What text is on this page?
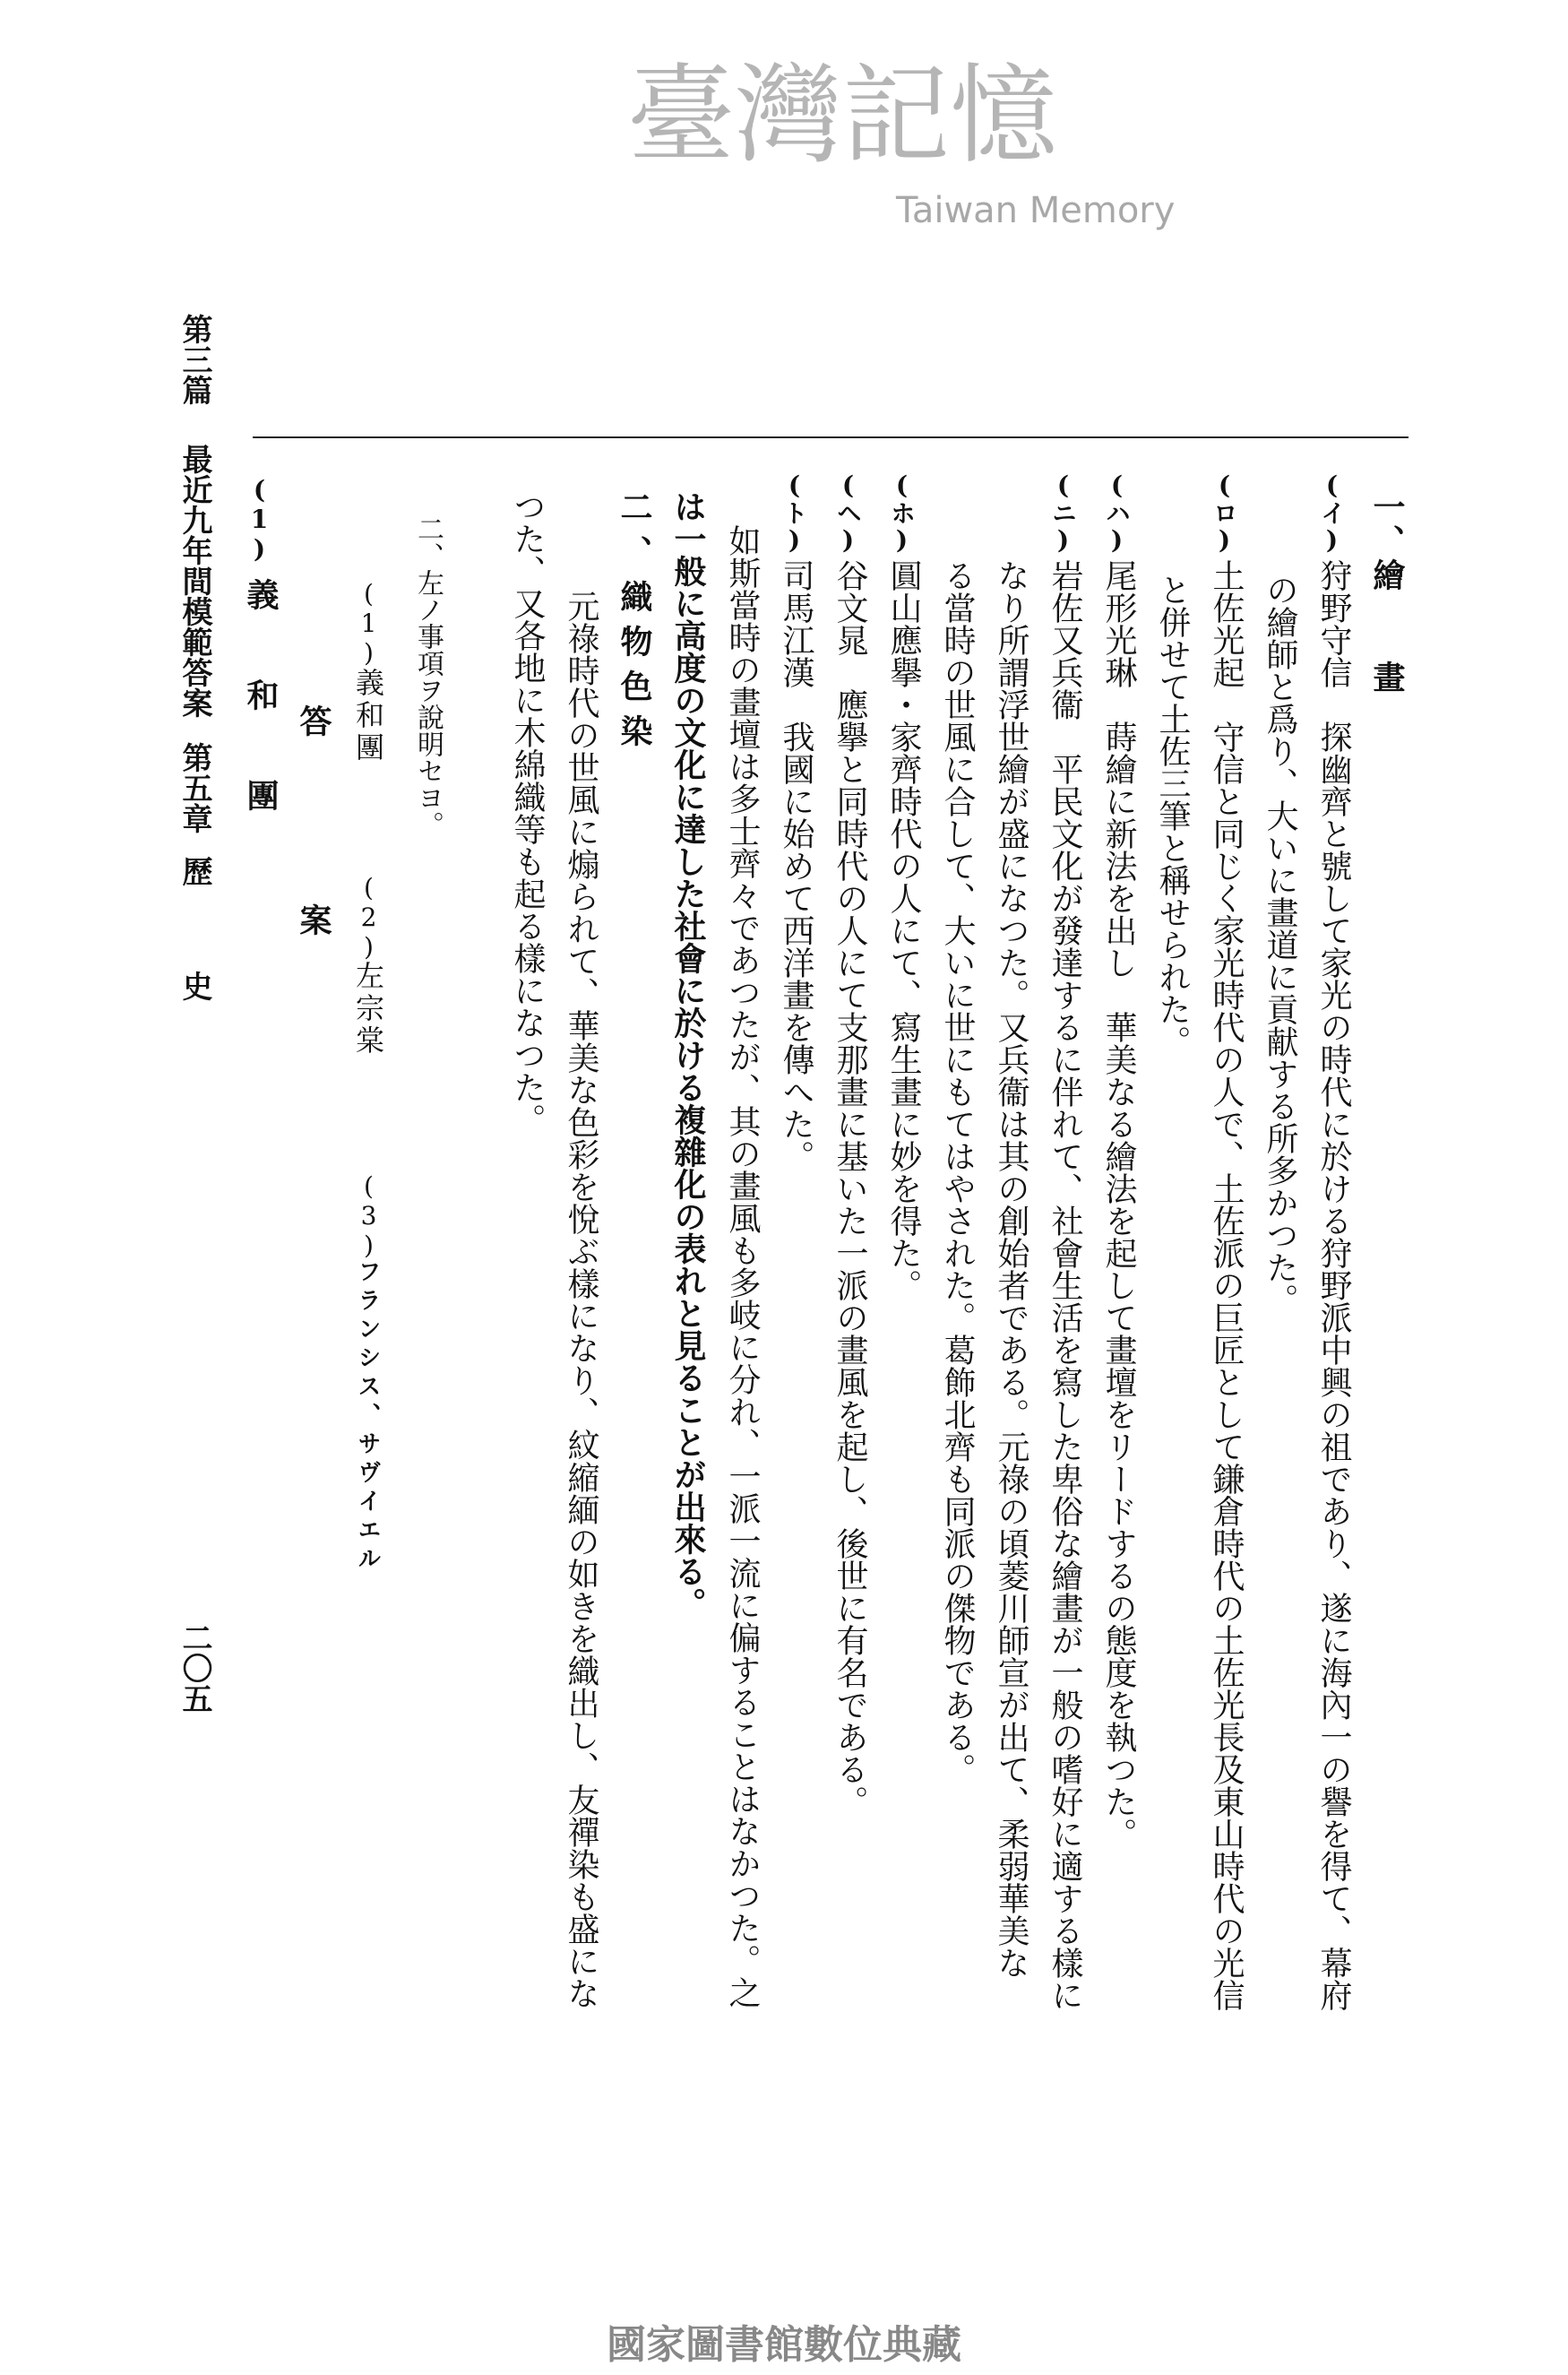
第三篇
最近九年間模範答案
第五章
歷　史
二〇五
一、繪　　畫
(イ)
狩野守信　探幽齊と號して家光の時代に於ける狩野派中興の祖であり、遂に海內一の譽を得て、幕府
の繪師と爲り、大いに畫道に貢献する所多かつた。
(ロ)
土佐光起　守信と同じく家光時代の人で、土佐派の巨匠として鎌倉時代の土佐光長及東山時代の光信
と併せて土佐三筆と稱せられた。
(ハ)
尾形光琳　蒔繪に新法を出し　華美なる繪法を起して畫壇をリードするの態度を執つた。
(ニ)
岩佐又兵衞　平民文化が發達するに伴れて、社會生活を寫した卑俗な繪畫が一般の嗜好に適する樣に
なり所謂浮世繪が盛になつた。又兵衞は其の創始者である。元祿の頃菱川師宣が出て、柔弱華美な
る當時の世風に合して、大いに世にもてはやされた。葛飾北齊も同派の傑物である。
(ホ)
圓山應擧・家齊時代の人にて、寫生畫に妙を得た。
(ヘ)
谷文晁　應擧と同時代の人にて支那畫に基いた一派の畫風を起し、後世に有名である。
(ト)
司馬江漢　我國に始めて西洋畫を傳へた。
如斯當時の畫壇は多士齊々であつたが、其の畫風も多岐に分れ、一派一流に偏することはなかつた。之
は一般に高度の文化に達した社會に於ける複雜化の表れと見ることが出來る。
二、織物色染
元祿時代の世風に煽られて、華美な色彩を悅ぶ樣になり、紋縮緬の如きを織出し、友禪染も盛にな
つた、又各地に木綿織等も起る樣になつた。
二、左ノ事項ヲ說明セヨ。
(1)
義和團
(2)
左宗棠
(3)
フランシス、サヴイエル
答
案
(1)
義　和　團
臺灣記憶
Taiwan Memory
國家圖書館數位典藏
